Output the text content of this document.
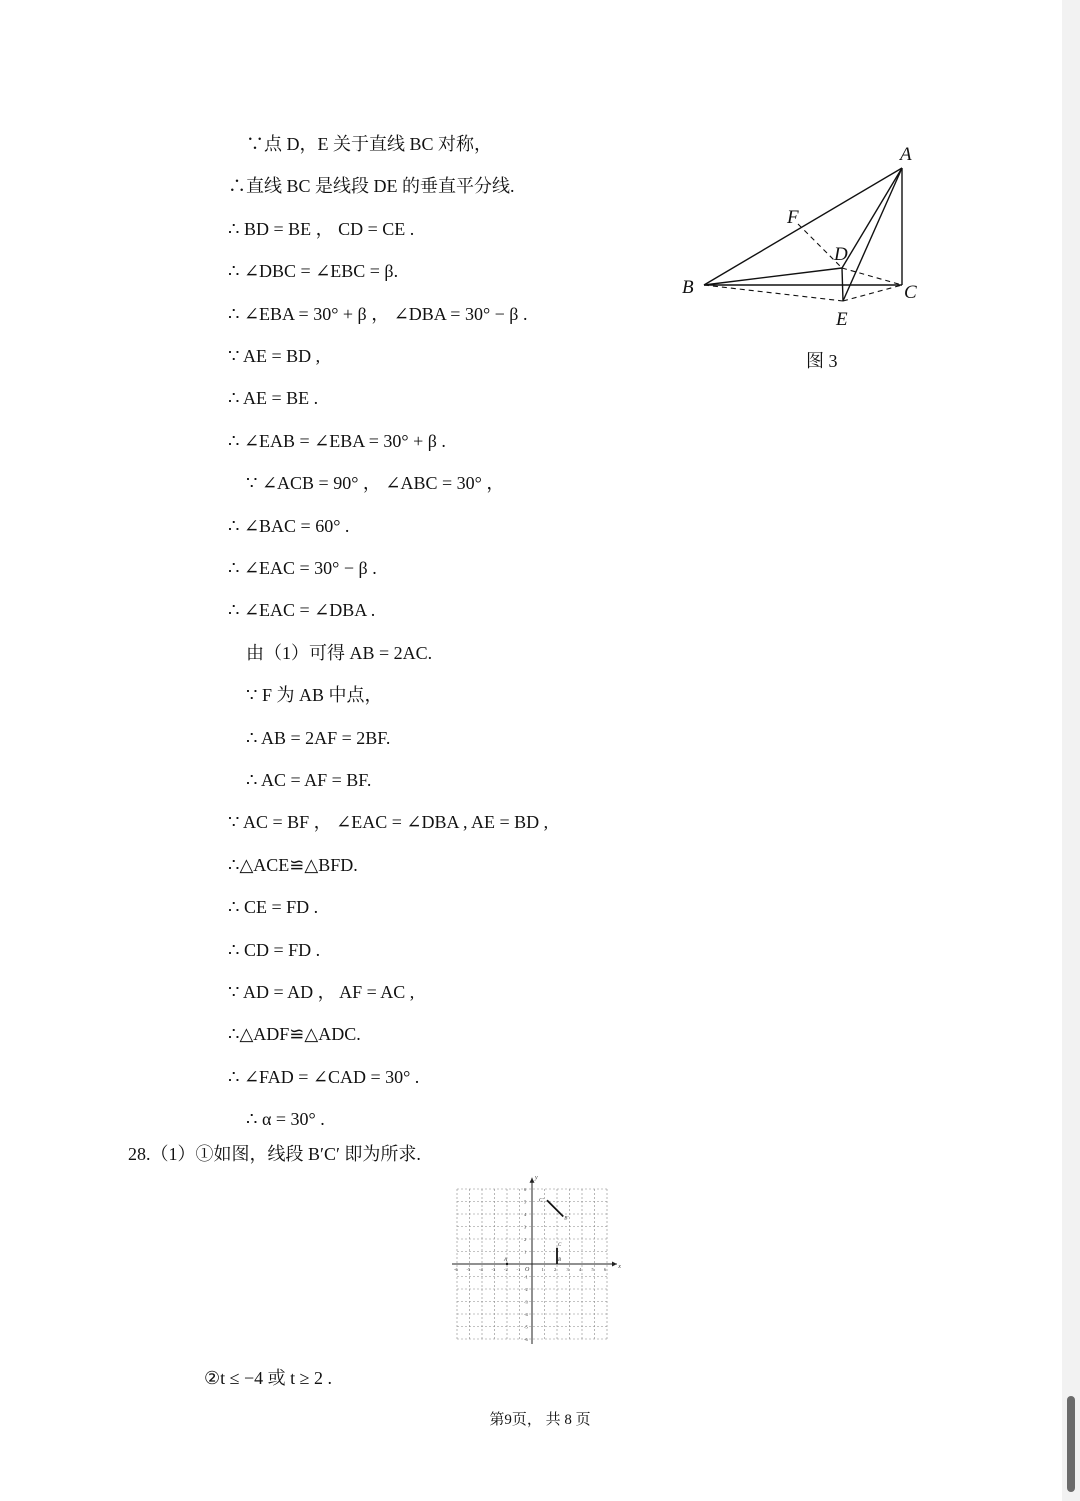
∵点 D，E 关于直线 BC 对称，
∴直线 BC 是线段 DE 的垂直平分线.
∴ BD = BE ， CD = CE .
∴ ∠DBC = ∠EBC = β.
∴ ∠EBA = 30° + β ， ∠DBA = 30° − β .
∵ AE = BD ,
∴ AE = BE .
∴ ∠EAB = ∠EBA = 30° + β .
∵ ∠ACB = 90° ， ∠ABC = 30° ，
∴ ∠BAC = 60° .
∴ ∠EAC = 30° − β .
∴ ∠EAC = ∠DBA .
由（1）可得 AB = 2AC.
∵ F 为 AB 中点，
∴ AB = 2AF = 2BF.
∴ AC = AF = BF.
∵ AC = BF ， ∠EAC = ∠DBA , AE = BD ,
∴△ACE≌△BFD.
∴ CE = FD .
∴ CD = FD .
∵ AD = AD ， AF = AC ,
∴△ADF≌△ADC.
∴ ∠FAD = ∠CAD = 30° .
∴ α = 30° .
A
B	C
D
E
F
图 3
28.（1）①如图，线段 B′C′ 即为所求.
x
y
O
-6 -5 -4 -3 -2 -1	1 2 3 4 5 6
6
5
4
3
2
1
-1
-2
-3
-4
-5
-6
A	B
C
C′
B′
②t ≤ −4 或 t ≥ 2 .
第9页， 共 8 页
